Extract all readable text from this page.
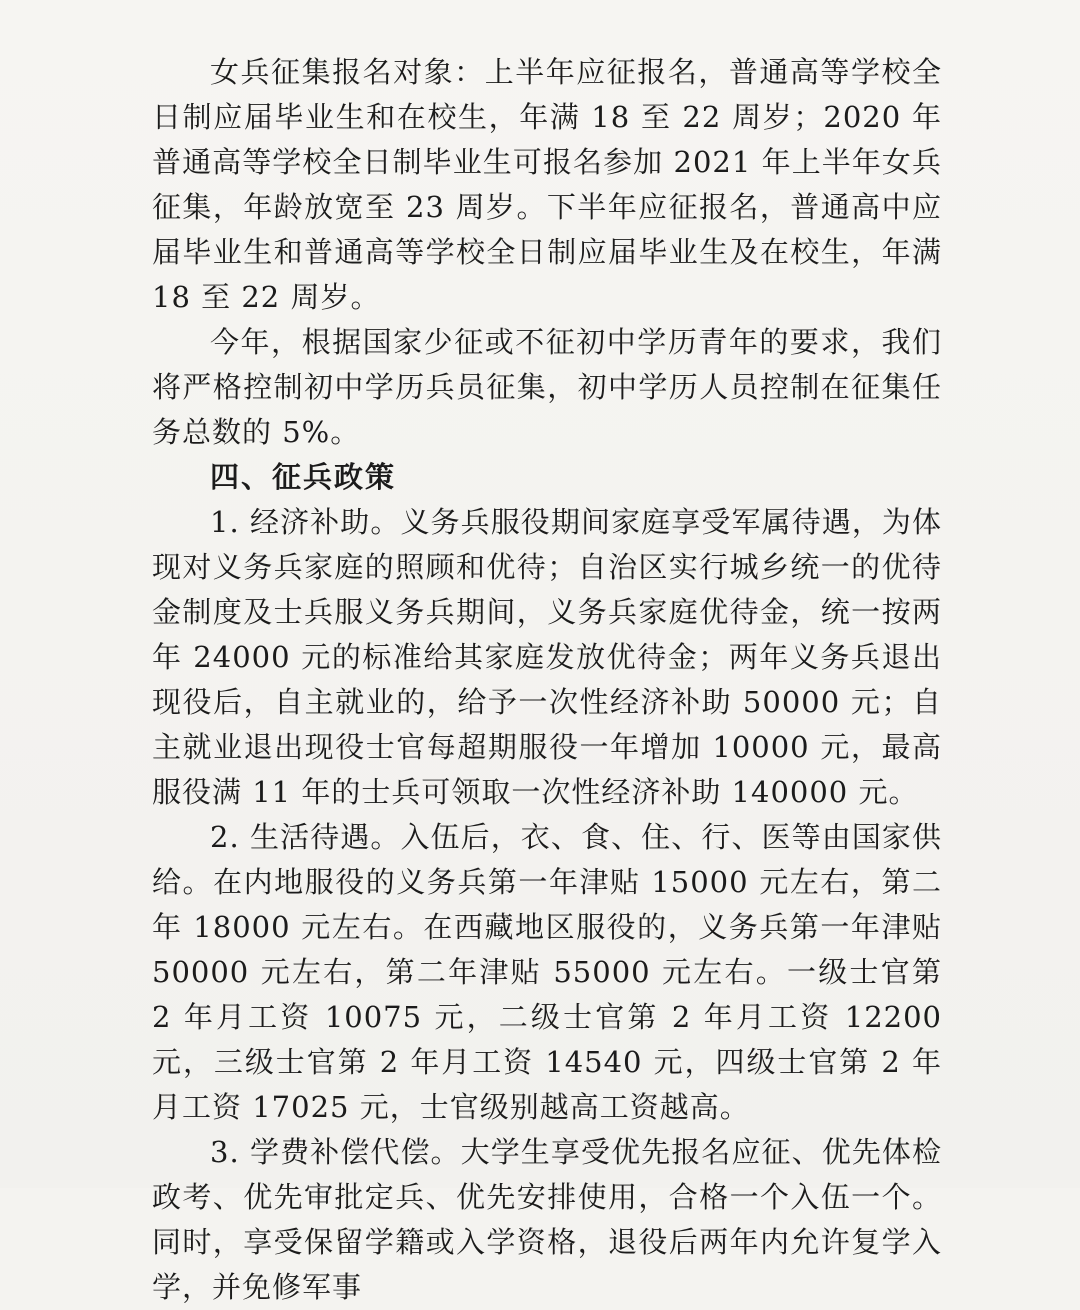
女兵征集报名对象：上半年应征报名，普通高等学校全日制应届毕业生和在校生，年满 18 至 22 周岁；2020 年普通高等学校全日制毕业生可报名参加 2021 年上半年女兵征集，年龄放宽至 23 周岁。下半年应征报名，普通高中应届毕业生和普通高等学校全日制应届毕业生及在校生，年满 18 至 22 周岁。

今年，根据国家少征或不征初中学历青年的要求，我们将严格控制初中学历兵员征集，初中学历人员控制在征集任务总数的 5%。

四、征兵政策

1. 经济补助。义务兵服役期间家庭享受军属待遇，为体现对义务兵家庭的照顾和优待；自治区实行城乡统一的优待金制度及士兵服义务兵期间，义务兵家庭优待金，统一按两年 24000 元的标准给其家庭发放优待金；两年义务兵退出现役后，自主就业的，给予一次性经济补助 50000 元；自主就业退出现役士官每超期服役一年增加 10000 元，最高服役满 11 年的士兵可领取一次性经济补助 140000 元。

2. 生活待遇。入伍后，衣、食、住、行、医等由国家供给。在内地服役的义务兵第一年津贴 15000 元左右，第二年 18000 元左右。在西藏地区服役的，义务兵第一年津贴 50000 元左右，第二年津贴 55000 元左右。一级士官第 2 年月工资 10075 元，二级士官第 2 年月工资 12200 元，三级士官第 2 年月工资 14540 元，四级士官第 2 年月工资 17025 元，士官级别越高工资越高。

3. 学费补偿代偿。大学生享受优先报名应征、优先体检政考、优先审批定兵、优先安排使用，合格一个入伍一个。同时，享受保留学籍或入学资格，退役后两年内允许复学入学，并免修军事
